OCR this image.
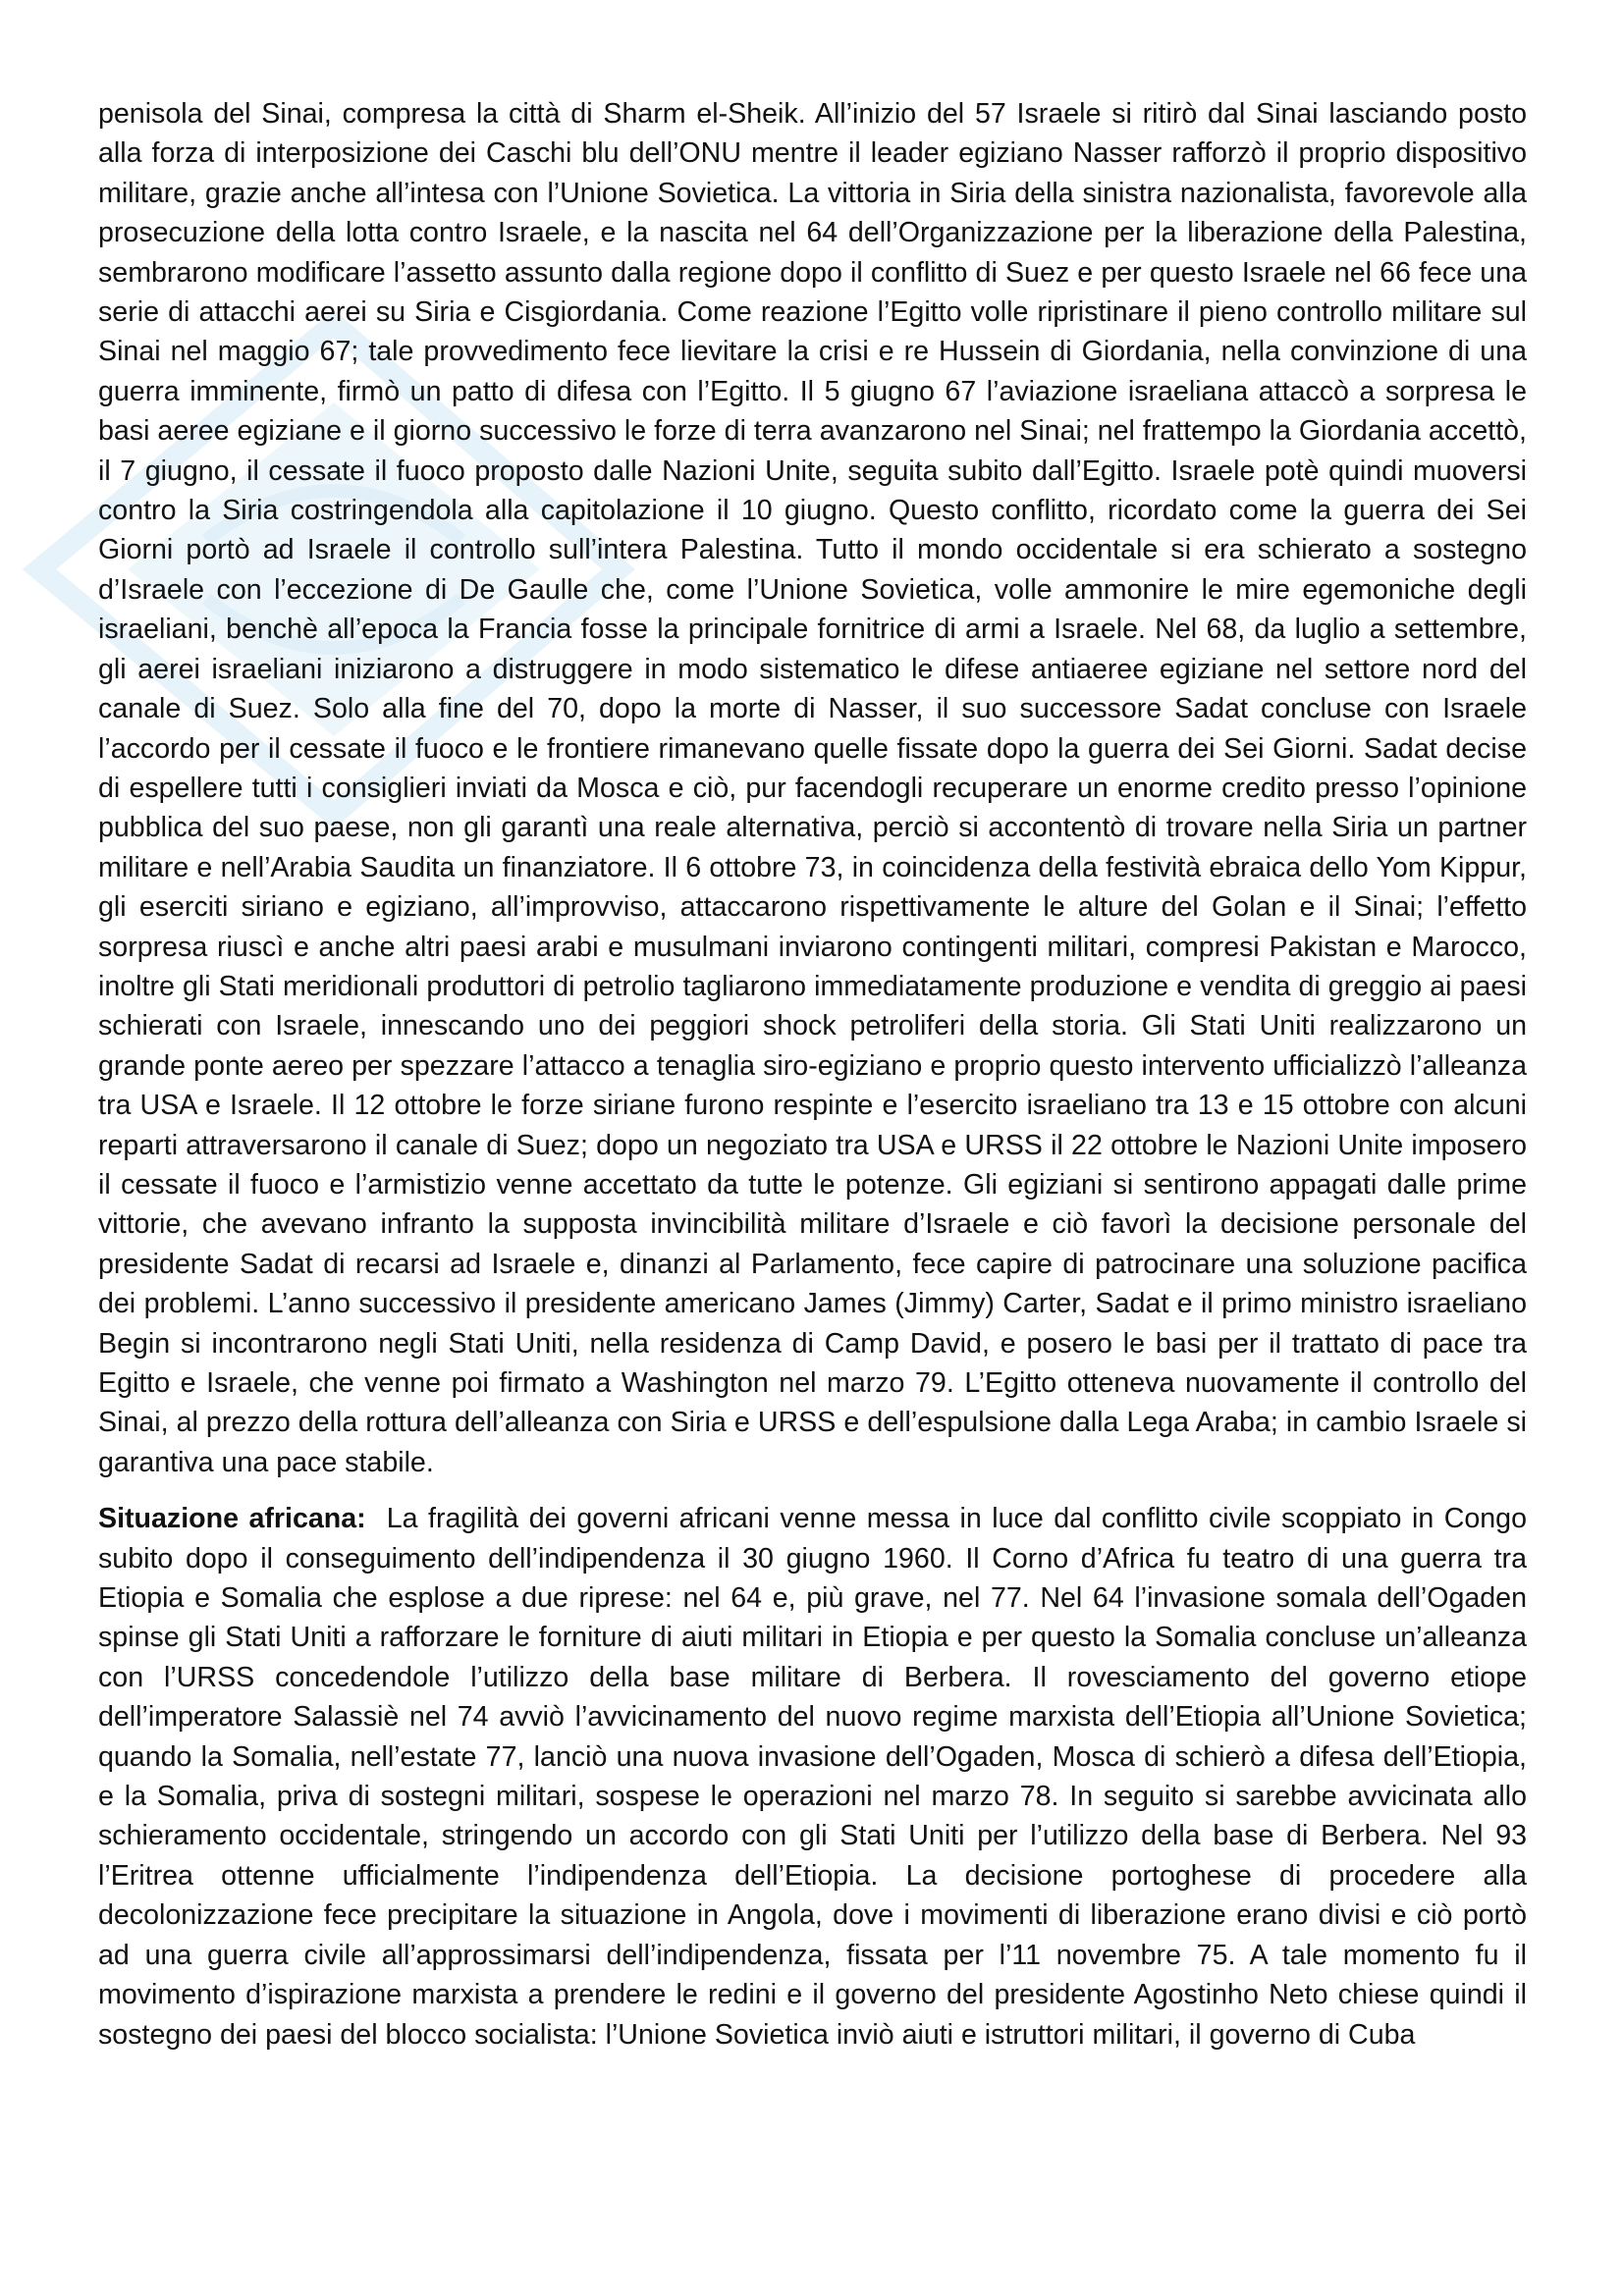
penisola del Sinai, compresa la città di Sharm el-Sheik. All’inizio del 57 Israele si ritirò dal Sinai lasciando posto alla forza di interposizione dei Caschi blu dell’ONU mentre il leader egiziano Nasser rafforzò il proprio dispositivo militare, grazie anche all’intesa con l’Unione Sovietica. La vittoria in Siria della sinistra nazionalista, favorevole alla prosecuzione della lotta contro Israele, e la nascita nel 64 dell’Organizzazione per la liberazione della Palestina, sembrarono modificare l’assetto assunto dalla regione dopo il conflitto di Suez e per questo Israele nel 66 fece una serie di attacchi aerei su Siria e Cisgiordania. Come reazione l’Egitto volle ripristinare il pieno controllo militare sul Sinai nel maggio 67; tale provvedimento fece lievitare la crisi e re Hussein di Giordania, nella convinzione di una guerra imminente, firmò un patto di difesa con l’Egitto. Il 5 giugno 67 l’aviazione israeliana attaccò a sorpresa le basi aeree egiziane e il giorno successivo le forze di terra avanzarono nel Sinai; nel frattempo la Giordania accettò, il 7 giugno, il cessate il fuoco proposto dalle Nazioni Unite, seguita subito dall’Egitto. Israele potè quindi muoversi contro la Siria costringendola alla capitolazione il 10 giugno. Questo conflitto, ricordato come la guerra dei Sei Giorni portò ad Israele il controllo sull’intera Palestina. Tutto il mondo occidentale si era schierato a sostegno d’Israele con l’eccezione di De Gaulle che, come l’Unione Sovietica, volle ammonire le mire egemoniche degli israeliani, benchè all’epoca la Francia fosse la principale fornitrice di armi a Israele. Nel 68, da luglio a settembre, gli aerei israeliani iniziarono a distruggere in modo sistematico le difese antiaeree egiziane nel settore nord del canale di Suez. Solo alla fine del 70, dopo la morte di Nasser, il suo successore Sadat concluse con Israele l’accordo per il cessate il fuoco e le frontiere rimanevano quelle fissate dopo la guerra dei Sei Giorni. Sadat decise di espellere tutti i consiglieri inviati da Mosca e ciò, pur facendogli recuperare un enorme credito presso l’opinione pubblica del suo paese, non gli garantì una reale alternativa, perciò si accontentò di trovare nella Siria un partner militare e nell’Arabia Saudita un finanziatore. Il 6 ottobre 73, in coincidenza della festività ebraica dello Yom Kippur, gli eserciti siriano e egiziano, all’improvviso, attaccarono rispettivamente le alture del Golan e il Sinai; l’effetto sorpresa riuscì e anche altri paesi arabi e musulmani inviarono contingenti militari, compresi Pakistan e Marocco, inoltre gli Stati meridionali produttori di petrolio tagliarono immediatamente produzione e vendita di greggio ai paesi schierati con Israele, innescando uno dei peggiori shock petroliferi della storia. Gli Stati Uniti realizzarono un grande ponte aereo per spezzare l’attacco a tenaglia siro-egiziano e proprio questo intervento ufficializzò l’alleanza tra USA e Israele. Il 12 ottobre le forze siriane furono respinte e l’esercito israeliano tra 13 e 15 ottobre con alcuni reparti attraversarono il canale di Suez; dopo un negoziato tra USA e URSS il 22 ottobre le Nazioni Unite imposero il cessate il fuoco e l’armistizio venne accettato da tutte le potenze. Gli egiziani si sentirono appagati dalle prime vittorie, che avevano infranto la supposta invincibilità militare d’Israele e ciò favorì la decisione personale del presidente Sadat di recarsi ad Israele e, dinanzi al Parlamento, fece capire di patrocinare una soluzione pacifica dei problemi. L’anno successivo il presidente americano James (Jimmy) Carter, Sadat e il primo ministro israeliano Begin si incontrarono negli Stati Uniti, nella residenza di Camp David, e posero le basi per il trattato di pace tra Egitto e Israele, che venne poi firmato a Washington nel marzo 79. L’Egitto otteneva nuovamente il controllo del Sinai, al prezzo della rottura dell’alleanza con Siria e URSS e dell’espulsione dalla Lega Araba; in cambio Israele si garantiva una pace stabile.

Situazione africana: La fragilità dei governi africani venne messa in luce dal conflitto civile scoppiato in Congo subito dopo il conseguimento dell’indipendenza il 30 giugno 1960. Il Corno d’Africa fu teatro di una guerra tra Etiopia e Somalia che esplose a due riprese: nel 64 e, più grave, nel 77. Nel 64 l’invasione somala dell’Ogaden spinse gli Stati Uniti a rafforzare le forniture di aiuti militari in Etiopia e per questo la Somalia concluse un’alleanza con l’URSS concedendole l’utilizzo della base militare di Berbera. Il rovesciamento del governo etiope dell’imperatore Salassiè nel 74 avviò l’avvicinamento del nuovo regime marxista dell’Etiopia all’Unione Sovietica; quando la Somalia, nell’estate 77, lanciò una nuova invasione dell’Ogaden, Mosca di schierò a difesa dell’Etiopia, e la Somalia, priva di sostegni militari, sospese le operazioni nel marzo 78. In seguito si sarebbe avvicinata allo schieramento occidentale, stringendo un accordo con gli Stati Uniti per l’utilizzo della base di Berbera. Nel 93 l’Eritrea ottenne ufficialmente l’indipendenza dell’Etiopia. La decisione portoghese di procedere alla decolonizzazione fece precipitare la situazione in Angola, dove i movimenti di liberazione erano divisi e ciò portò ad una guerra civile all’approssimarsi dell’indipendenza, fissata per l’11 novembre 75. A tale momento fu il movimento d’ispirazione marxista a prendere le redini e il governo del presidente Agostinho Neto chiese quindi il sostegno dei paesi del blocco socialista: l’Unione Sovietica inviò aiuti e istruttori militari, il governo di Cuba
